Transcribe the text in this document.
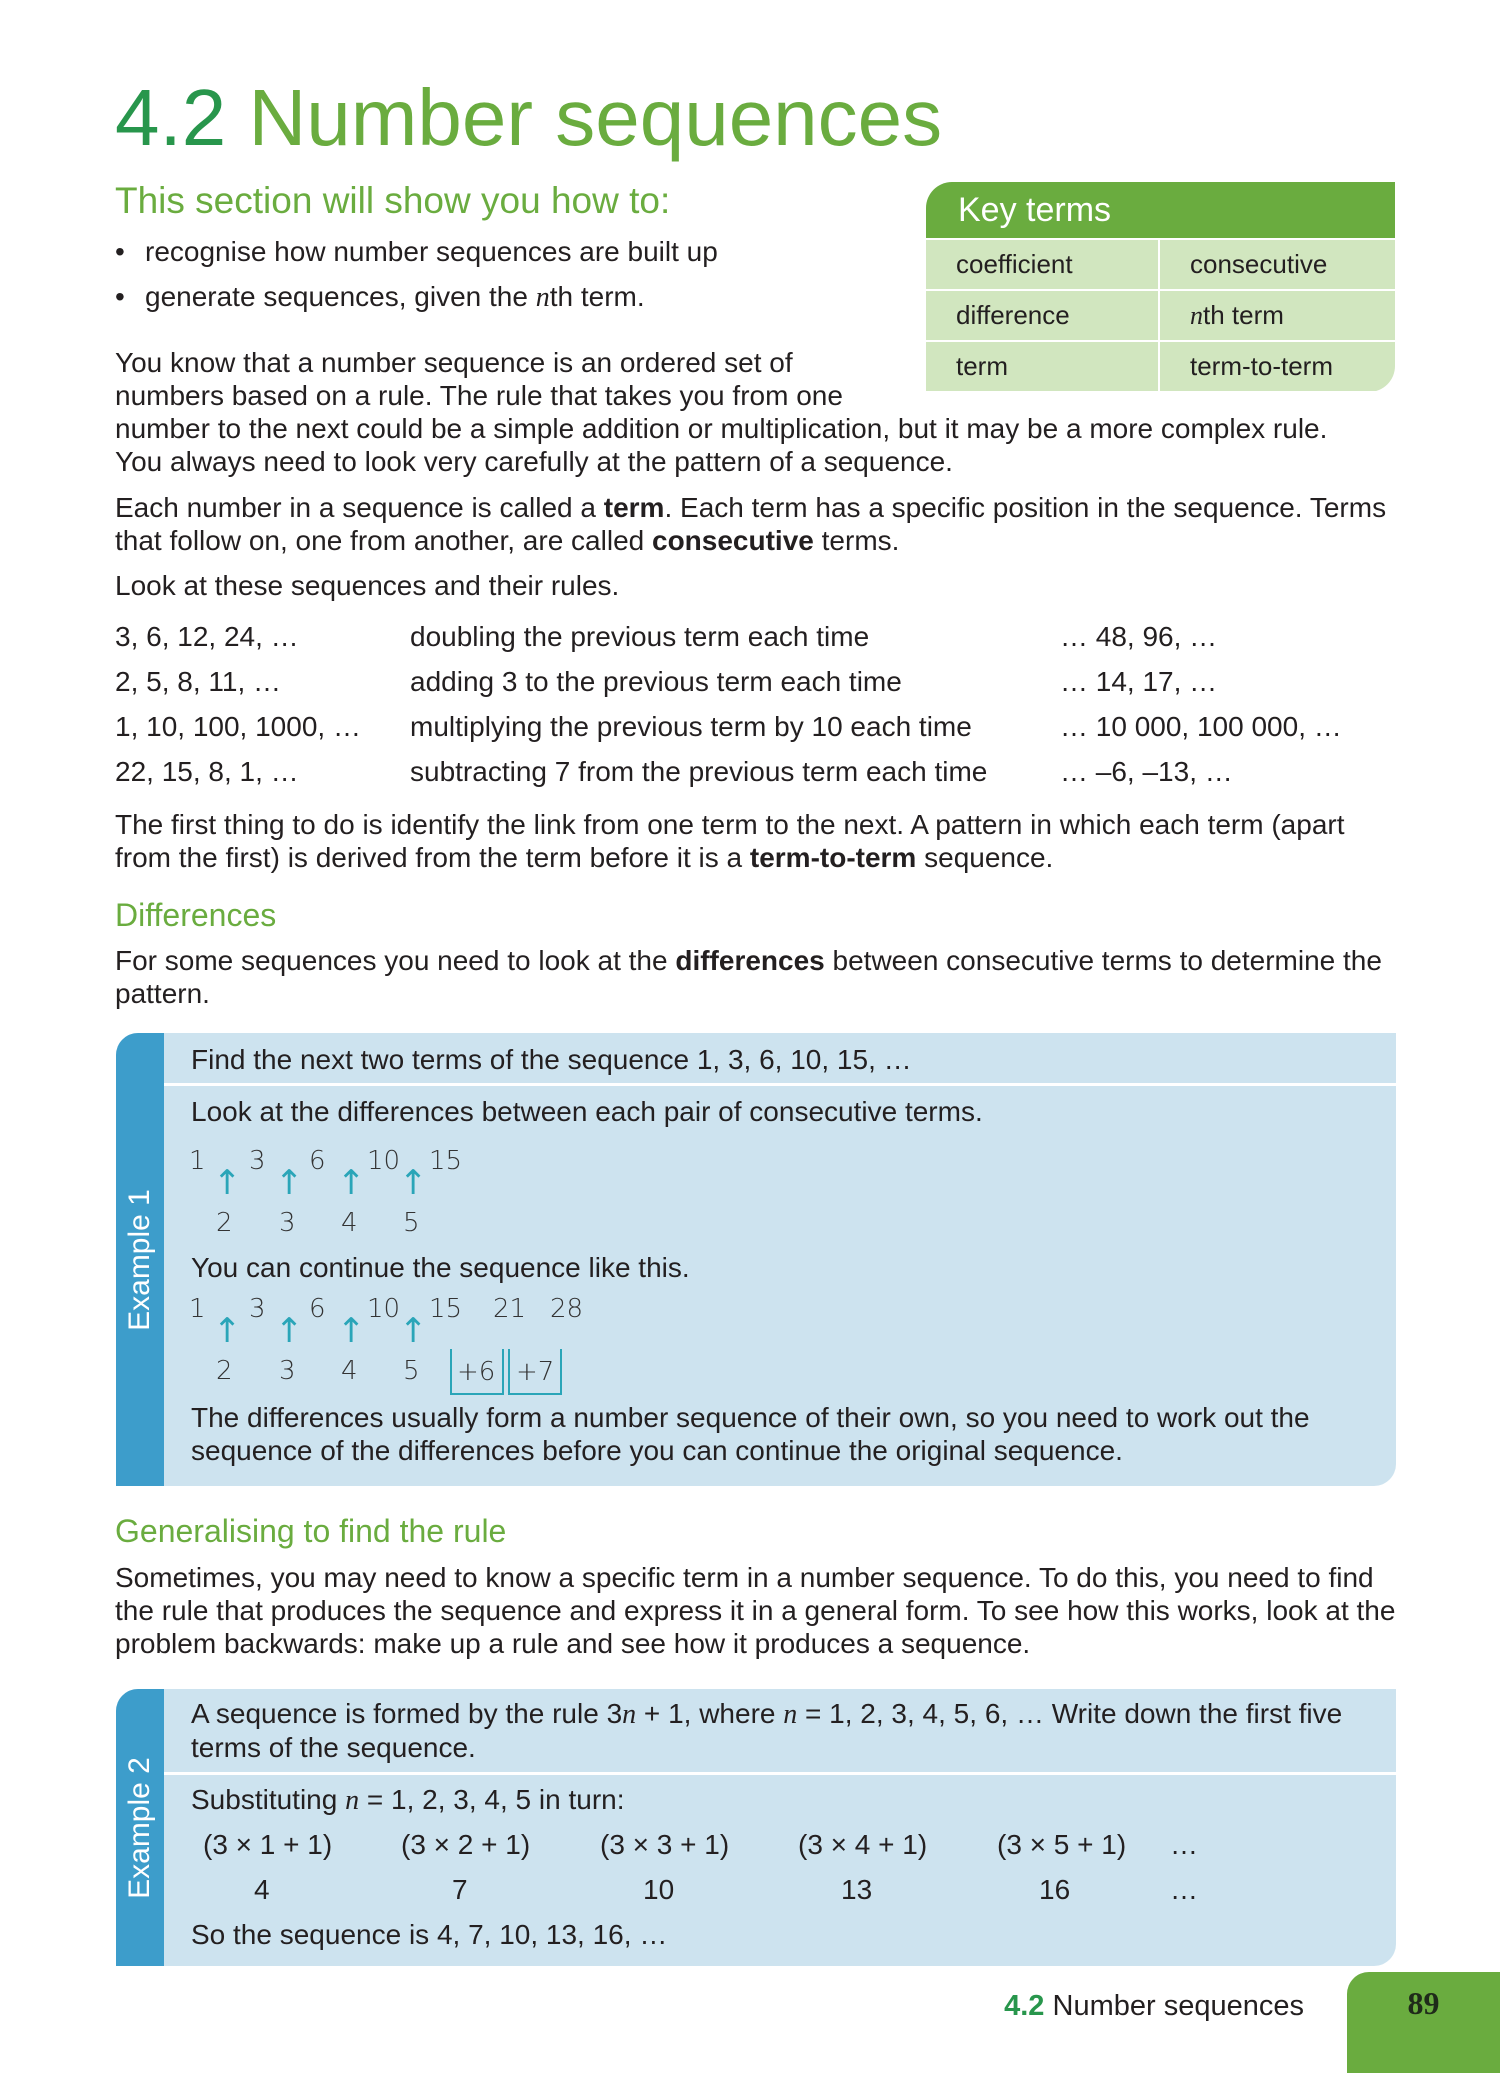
4.2 Number sequences
This section will show you how to:
• recognise how number sequences are built up
• generate sequences, given the nth term.
Key terms
coefficient	consecutive
difference	nth term
term	term-to-term
You know that a number sequence is an ordered set of
numbers based on a rule. The rule that takes you from one
number to the next could be a simple addition or multiplication, but it may be a more complex rule.
You always need to look very carefully at the pattern of a sequence.
Each number in a sequence is called a term. Each term has a specific position in the sequence. Terms that follow on, one from another, are called consecutive terms.
Look at these sequences and their rules.
3, 6, 12, 24, …	doubling the previous term each time	… 48, 96, …
2, 5, 8, 11, …	adding 3 to the previous term each time	… 14, 17, …
1, 10, 100, 1000, … multiplying the previous term by 10 each time	… 10 000, 100 000, …
22, 15, 8, 1, …	subtracting 7 from the previous term each time	… –6, –13, …
The first thing to do is identify the link from one term to the next. A pattern in which each term (apart from the first) is derived from the term before it is a term-to-term sequence.
Differences
For some sequences you need to look at the differences between consecutive terms to determine the pattern.
Example 1
Find the next two terms of the sequence 1, 3, 6, 10, 15, …
Look at the differences between each pair of consecutive terms.
1 3 6 10 15
↑ ↑ ↑ ↑
2 3 4 5
You can continue the sequence like this.
1 3 6 10 15 21 28
↑ ↑ ↑ ↑
2 3 4 5 +6 +7
The differences usually form a number sequence of their own, so you need to work out the
sequence of the differences before you can continue the original sequence.
Generalising to find the rule
Sometimes, you may need to know a specific term in a number sequence. To do this, you need to find the rule that produces the sequence and express it in a general form. To see how this works, look at the problem backwards: make up a rule and see how it produces a sequence.
Example 2
A sequence is formed by the rule 3n + 1, where n = 1, 2, 3, 4, 5, 6, … Write down the first five
terms of the sequence.
Substituting n = 1, 2, 3, 4, 5 in turn:
(3 × 1 + 1) (3 × 2 + 1) (3 × 3 + 1) (3 × 4 + 1) (3 × 5 + 1) …
4	7	10	13	16	…
So the sequence is 4, 7, 10, 13, 16, …
4.2 Number sequences	89
